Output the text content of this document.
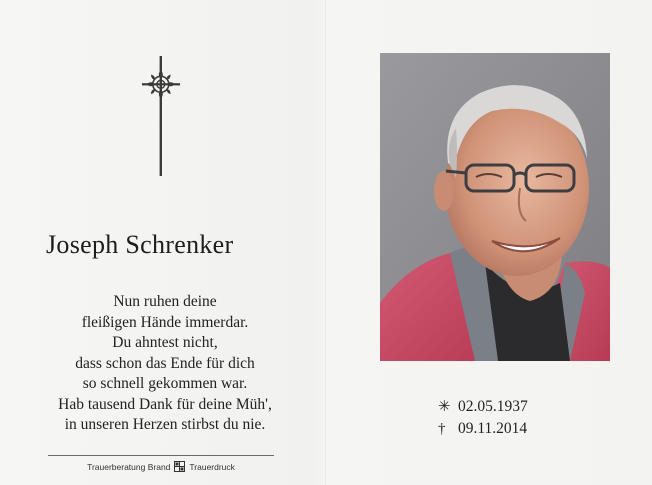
Joseph Schrenker
Nun ruhen deine
fleißigen Hände immerdar.
Du ahntest nicht,
dass schon das Ende für dich
so schnell gekommen war.
Hab tausend Dank für deine Müh',
in unseren Herzen stirbst du nie.
Trauerberatung Brand Trauerdruck
✳ 02.05.1937
† 09.11.2014
